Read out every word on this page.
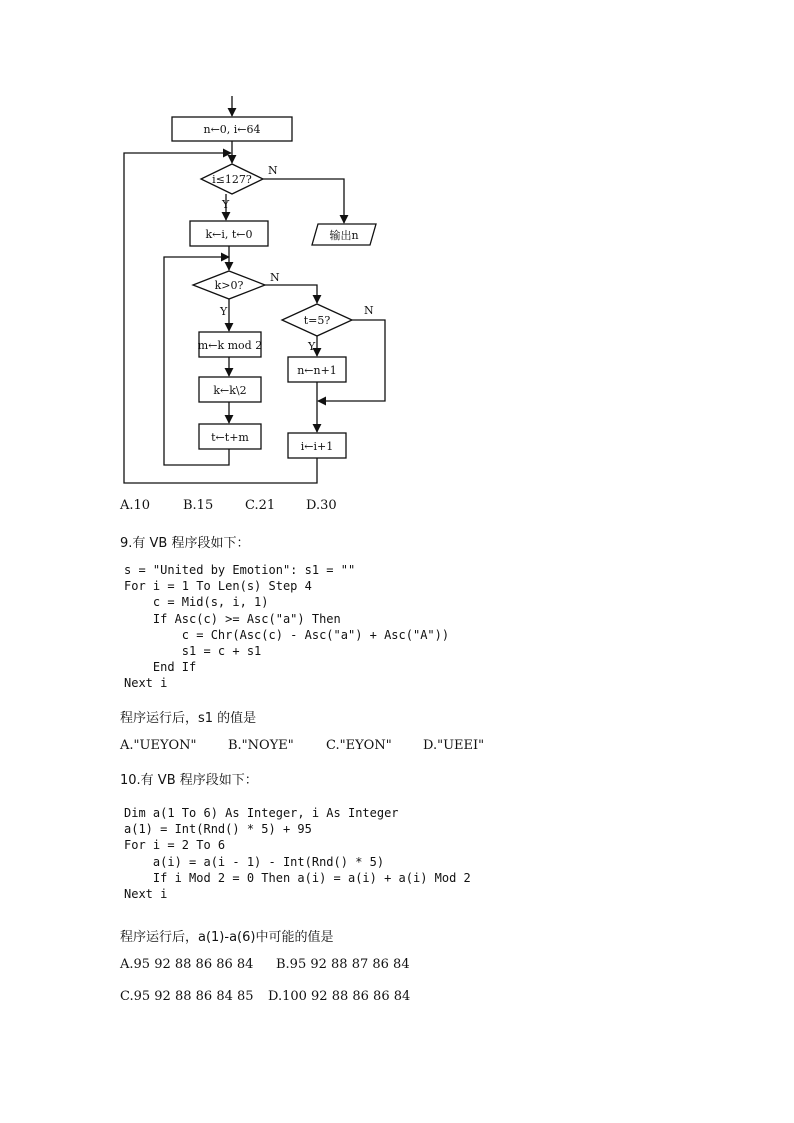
n←0, i←64
i≤127?
N
Y
输出n
k←i, t←0
k>0?
N
Y
m←k mod 2
k←k\2
t←t+m
t=5?
N
Y
n←n+1
i←i+1
A.10	B.15 C.21 D.30
9.有 VB 程序段如下：
s = "United by Emotion": s1 = ""
For i = 1 To Len(s) Step 4
c = Mid(s, i, 1)
If Asc(c) >= Asc("a") Then
c = Chr(Asc(c) - Asc("a") + Asc("A"))
s1 = c + s1
End If
Next i
程序运行后，s1 的值是
A."UEYON" B."NOYE" C."EYON" D."UEEI"
10.有 VB 程序段如下：
Dim a(1 To 6) As Integer, i As Integer
a(1) = Int(Rnd() * 5) + 95
For i = 2 To 6
a(i) = a(i - 1) - Int(Rnd() * 5)
If i Mod 2 = 0 Then a(i) = a(i) + a(i) Mod 2
Next i
程序运行后，a(1)-a(6)中可能的值是
A.95 92 88 86 86 84 B.95 92 88 87 86 84
C.95 92 88 86 84 85 D.100 92 88 86 86 84
